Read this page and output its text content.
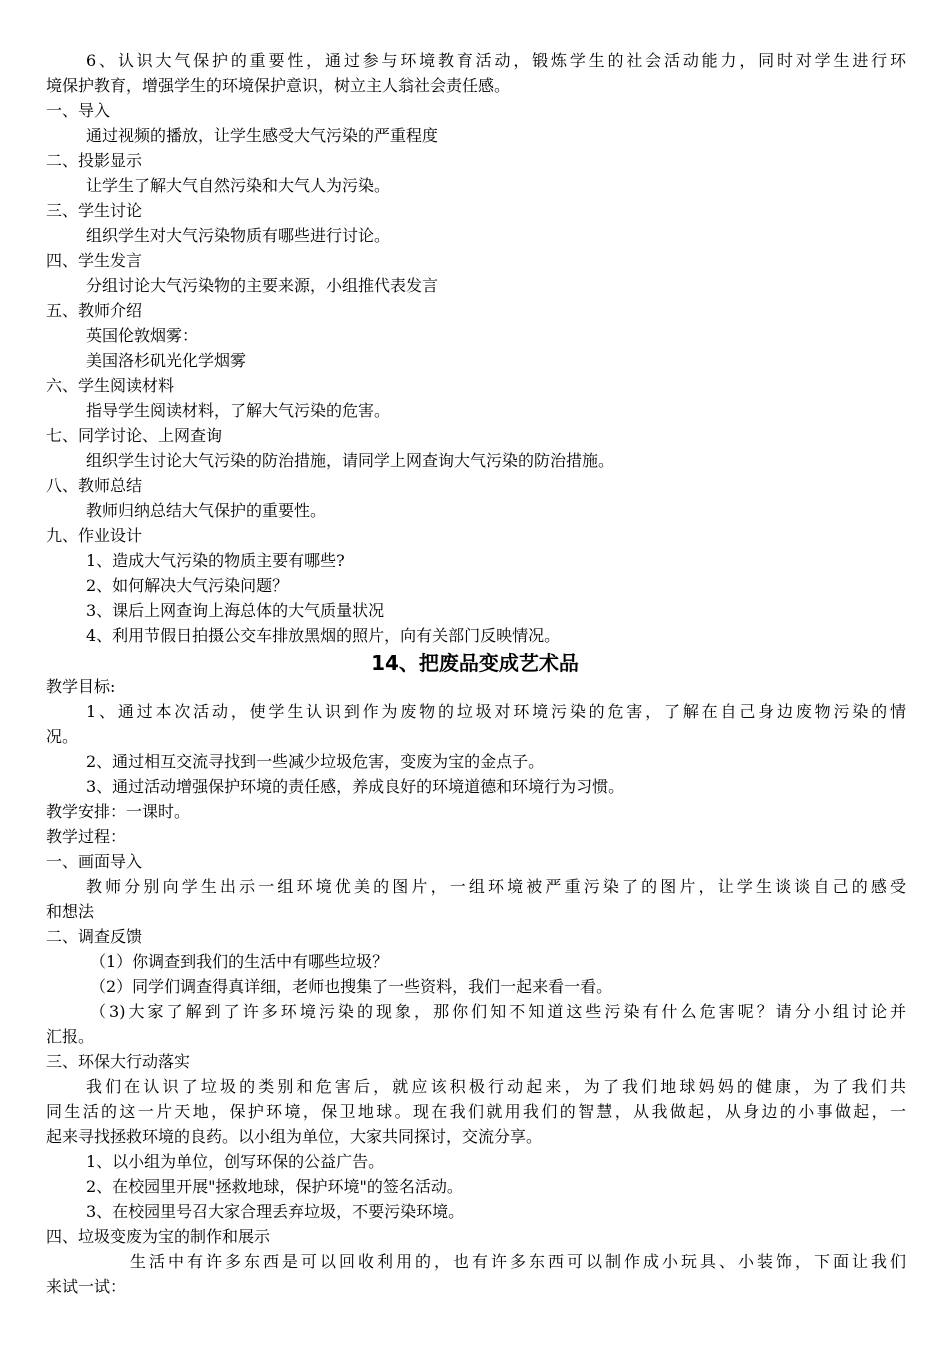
6、认识大气保护的重要性，通过参与环境教育活动，锻炼学生的社会活动能力，同时对学生进行环
境保护教育，增强学生的环境保护意识，树立主人翁社会责任感。
一、导入
通过视频的播放，让学生感受大气污染的严重程度
二、投影显示
让学生了解大气自然污染和大气人为污染。
三、学生讨论
组织学生对大气污染物质有哪些进行讨论。
四、学生发言
分组讨论大气污染物的主要来源，小组推代表发言
五、教师介绍
英国伦敦烟雾：
美国洛杉矶光化学烟雾
六、学生阅读材料
指导学生阅读材料，了解大气污染的危害。
七、同学讨论、上网查询
组织学生讨论大气污染的防治措施，请同学上网查询大气污染的防治措施。
八、教师总结
教师归纳总结大气保护的重要性。
九、作业设计
1、造成大气污染的物质主要有哪些?
2、如何解决大气污染问题？
3、课后上网查询上海总体的大气质量状况
4、利用节假日拍摄公交车排放黑烟的照片，向有关部门反映情况。
14、把废品变成艺术品
教学目标:
1、通过本次活动，使学生认识到作为废物的垃圾对环境污染的危害，了解在自己身边废物污染的情
况。
2、通过相互交流寻找到一些减少垃圾危害，变废为宝的金点子。
3、通过活动增强保护环境的责任感，养成良好的环境道德和环境行为习惯。
教学安排：一课时。
教学过程：
一、画面导入
教师分别向学生出示一组环境优美的图片，一组环境被严重污染了的图片，让学生谈谈自己的感受
和想法
二、调查反馈
（1）你调查到我们的生活中有哪些垃圾？
（2）同学们调查得真详细，老师也搜集了一些资料，我们一起来看一看。
（3)大家了解到了许多环境污染的现象，那你们知不知道这些污染有什么危害呢？请分小组讨论并
汇报。
三、环保大行动落实
我们在认识了垃圾的类别和危害后，就应该积极行动起来，为了我们地球妈妈的健康，为了我们共
同生活的这一片天地，保护环境，保卫地球。现在我们就用我们的智慧，从我做起，从身边的小事做起，一
起来寻找拯救环境的良药。以小组为单位，大家共同探讨，交流分享。
1、以小组为单位，创写环保的公益广告。
2、在校园里开展"拯救地球，保护环境"的签名活动。
3、在校园里号召大家合理丢弃垃圾，不要污染环境。
四、垃圾变废为宝的制作和展示
生活中有许多东西是可以回收利用的，也有许多东西可以制作成小玩具、小装饰，下面让我们
来试一试：
